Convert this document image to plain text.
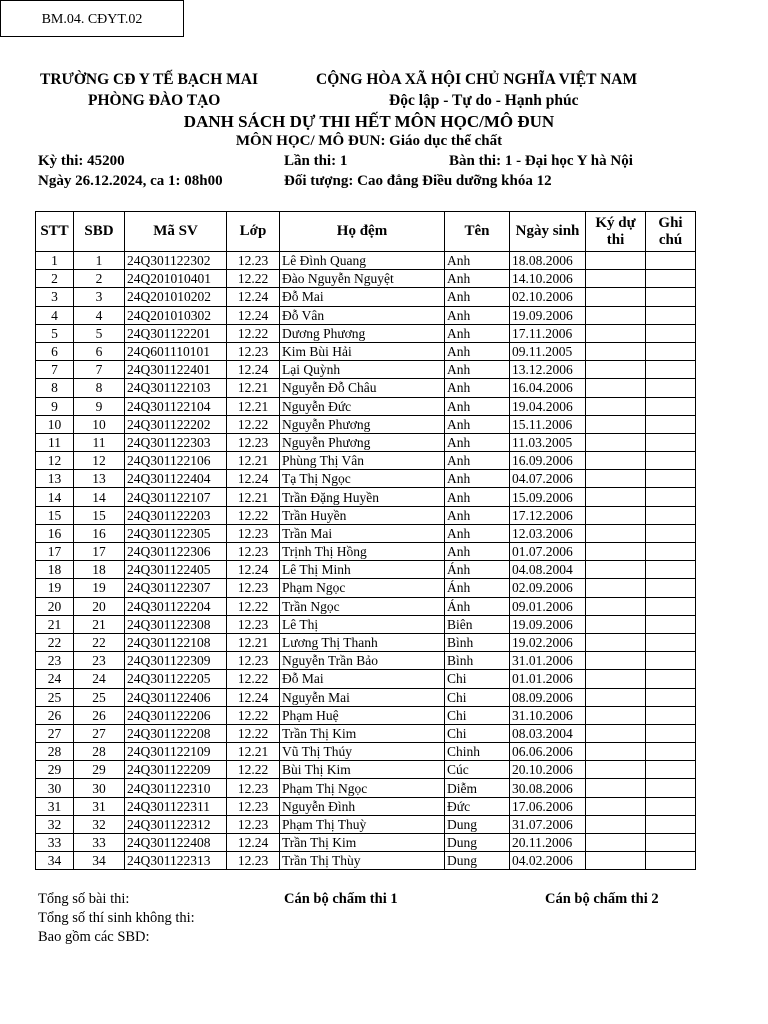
BM.04. CĐYT.02
TRƯỜNG CĐ Y TẾ BẠCH MAI
PHÒNG ĐÀO TẠO
CỘNG HÒA XÃ HỘI CHỦ NGHĨA VIỆT NAM
Độc lập - Tự do - Hạnh phúc
DANH SÁCH DỰ THI HẾT MÔN HỌC/MÔ ĐUN
MÔN HỌC/ MÔ ĐUN: Giáo dục thể chất
Kỳ thi: 45200	Lần thi: 1	Bàn thi: 1 - Đại học Y hà Nội
Ngày 26.12.2024, ca 1: 08h00	Đối tượng: Cao đẳng Điều dưỡng khóa 12
STT	SBD	Mã SV	Lớp	Họ đệm	Tên	Ngày sinh	Ký dự thi	Ghi chú
1	1	24Q301122302	12.23	Lê Đình Quang	Anh	18.08.2006		
2	2	24Q201010401	12.22	Đào Nguyễn Nguyệt	Anh	14.10.2006		
3	3	24Q201010202	12.24	Đỗ Mai	Anh	02.10.2006		
4	4	24Q201010302	12.24	Đỗ Vân	Anh	19.09.2006		
5	5	24Q301122201	12.22	Dương Phương	Anh	17.11.2006		
6	6	24Q601110101	12.23	Kim Bùi Hải	Anh	09.11.2005		
7	7	24Q301122401	12.24	Lại Quỳnh	Anh	13.12.2006		
8	8	24Q301122103	12.21	Nguyễn Đỗ Châu	Anh	16.04.2006		
9	9	24Q301122104	12.21	Nguyễn Đức	Anh	19.04.2006		
10	10	24Q301122202	12.22	Nguyễn Phương	Anh	15.11.2006		
11	11	24Q301122303	12.23	Nguyễn Phương	Anh	11.03.2005		
12	12	24Q301122106	12.21	Phùng Thị Vân	Anh	16.09.2006		
13	13	24Q301122404	12.24	Tạ Thị Ngọc	Anh	04.07.2006		
14	14	24Q301122107	12.21	Trần Đặng Huyền	Anh	15.09.2006		
15	15	24Q301122203	12.22	Trần Huyền	Anh	17.12.2006		
16	16	24Q301122305	12.23	Trần Mai	Anh	12.03.2006		
17	17	24Q301122306	12.23	Trịnh Thị Hồng	Anh	01.07.2006		
18	18	24Q301122405	12.24	Lê Thị Minh	Ánh	04.08.2004		
19	19	24Q301122307	12.23	Phạm Ngọc	Ánh	02.09.2006		
20	20	24Q301122204	12.22	Trần Ngọc	Ánh	09.01.2006		
21	21	24Q301122308	12.23	Lê Thị	Biên	19.09.2006		
22	22	24Q301122108	12.21	Lương Thị Thanh	Bình	19.02.2006		
23	23	24Q301122309	12.23	Nguyễn Trần Bảo	Bình	31.01.2006		
24	24	24Q301122205	12.22	Đỗ Mai	Chi	01.01.2006		
25	25	24Q301122406	12.24	Nguyễn Mai	Chi	08.09.2006		
26	26	24Q301122206	12.22	Phạm Huệ	Chi	31.10.2006		
27	27	24Q301122208	12.22	Trần Thị Kim	Chi	08.03.2004		
28	28	24Q301122109	12.21	Vũ Thị Thúy	Chinh	06.06.2006		
29	29	24Q301122209	12.22	Bùi Thị Kim	Cúc	20.10.2006		
30	30	24Q301122310	12.23	Phạm Thị Ngọc	Diễm	30.08.2006		
31	31	24Q301122311	12.23	Nguyễn Đình	Đức	17.06.2006		
32	32	24Q301122312	12.23	Phạm Thị Thuỳ	Dung	31.07.2006		
33	33	24Q301122408	12.24	Trần Thị Kim	Dung	20.11.2006		
34	34	24Q301122313	12.23	Trần Thị Thùy	Dung	04.02.2006		
Tổng số bài thi:
Tổng số thí sinh không thi:
Bao gồm các SBD:
Cán bộ chấm thi 1	Cán bộ chấm thi 2
